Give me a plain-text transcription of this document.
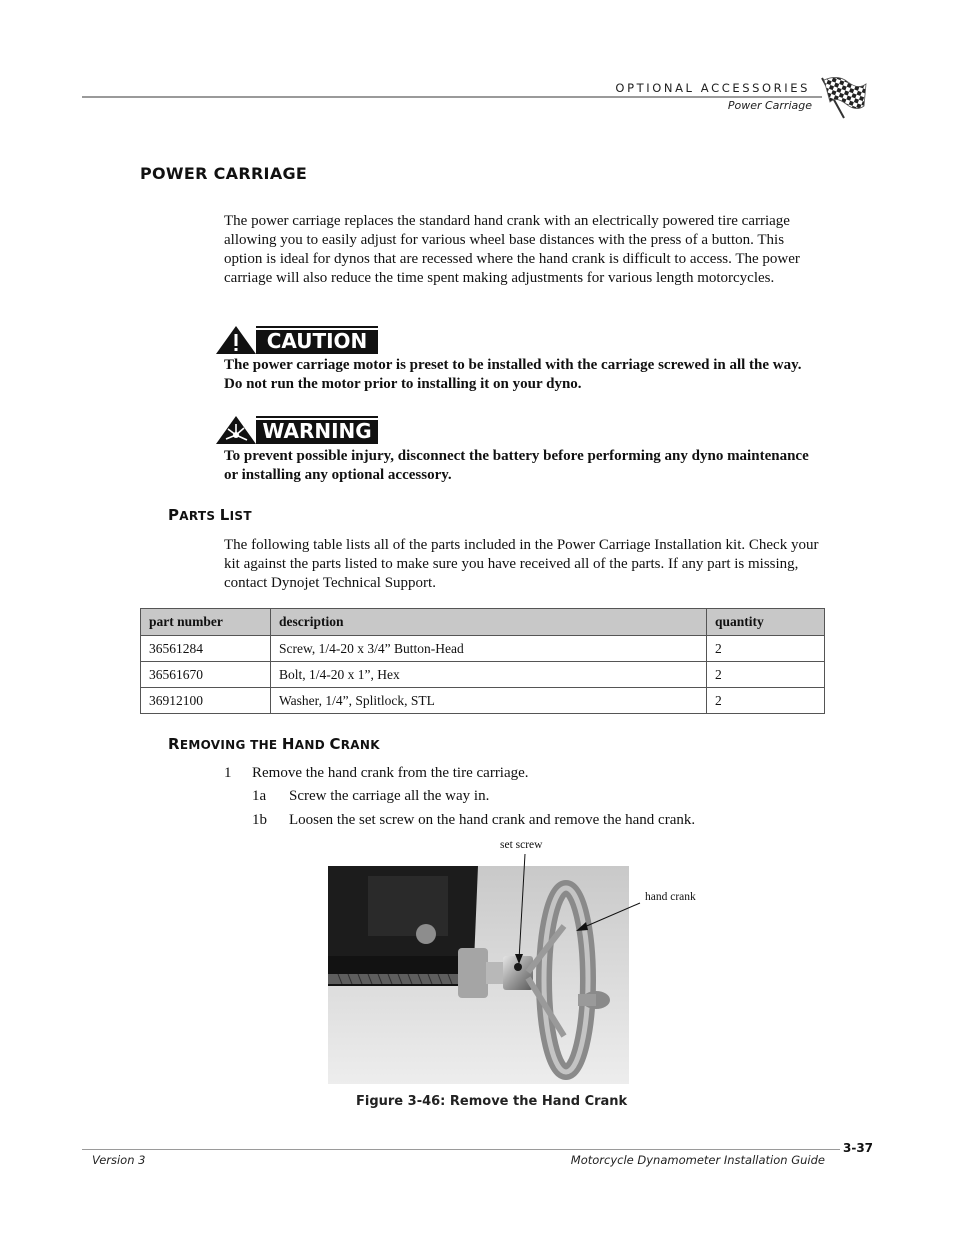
OPTIONAL ACCESSORIES
Power Carriage
POWER CARRIAGE

The power carriage replaces the standard hand crank with an electrically powered tire carriage allowing you to easily adjust for various wheel base distances with the press of a button. This option is ideal for dynos that are recessed where the hand crank is difficult to access. The power carriage will also reduce the time spent making adjustments for various length motorcycles.

CAUTION

The power carriage motor is preset to be installed with the carriage screwed in all the way. Do not run the motor prior to installing it on your dyno.

WARNING

To prevent possible injury, disconnect the battery before performing any dyno maintenance or installing any optional accessory.

PARTS LIST

The following table lists all of the parts included in the Power Carriage Installation kit. Check your kit against the parts listed to make sure you have received all of the parts. If any part is missing, contact Dynojet Technical Support.

part number	description	quantity
36561284	Screw, 1/4-20 x 3/4” Button-Head	2
36561670	Bolt, 1/4-20 x 1”, Hex	2
36912100	Washer, 1/4”, Splitlock, STL	2
REMOVING THE HAND CRANK
1 Remove the hand crank from the tire carriage.
1a Screw the carriage all the way in.
1b Loosen the set screw on the hand crank and remove the hand crank.
set screw
hand crank
Figure 3-46: Remove the Hand Crank
3-37
Version 3	Motorcycle Dynamometer Installation Guide
